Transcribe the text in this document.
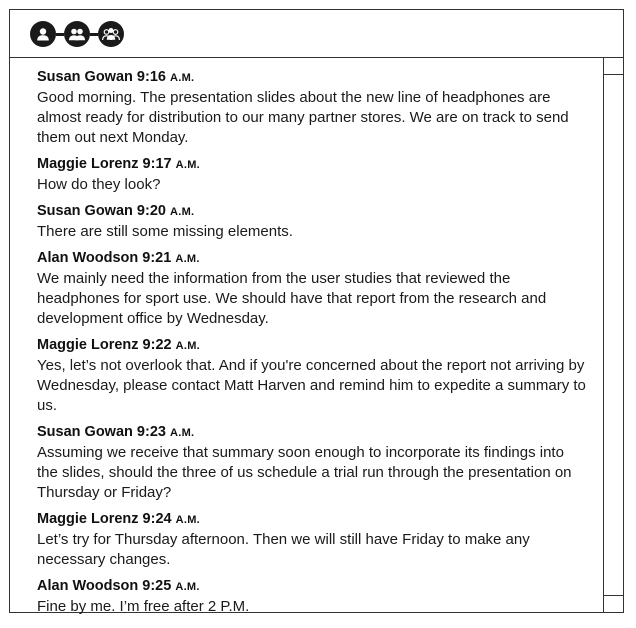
Susan Gowan 9:16 A.M.
Good morning. The presentation slides about the new line of headphones are almost ready for distribution to our many partner stores. We are on track to send them out next Monday.
Maggie Lorenz 9:17 A.M.
How do they look?
Susan Gowan 9:20 A.M.
There are still some missing elements.
Alan Woodson 9:21 A.M.
We mainly need the information from the user studies that reviewed the headphones for sport use. We should have that report from the research and development office by Wednesday.
Maggie Lorenz 9:22 A.M.
Yes, let’s not overlook that. And if you're concerned about the report not arriving by Wednesday, please contact Matt Harven and remind him to expedite a summary to us.
Susan Gowan 9:23 A.M.
Assuming we receive that summary soon enough to incorporate its findings into the slides, should the three of us schedule a trial run through the presentation on Thursday or Friday?
Maggie Lorenz 9:24 A.M.
Let’s try for Thursday afternoon. Then we will still have Friday to make any necessary changes.
Alan Woodson 9:25 A.M.
Fine by me. I’m free after 2 P.M.
